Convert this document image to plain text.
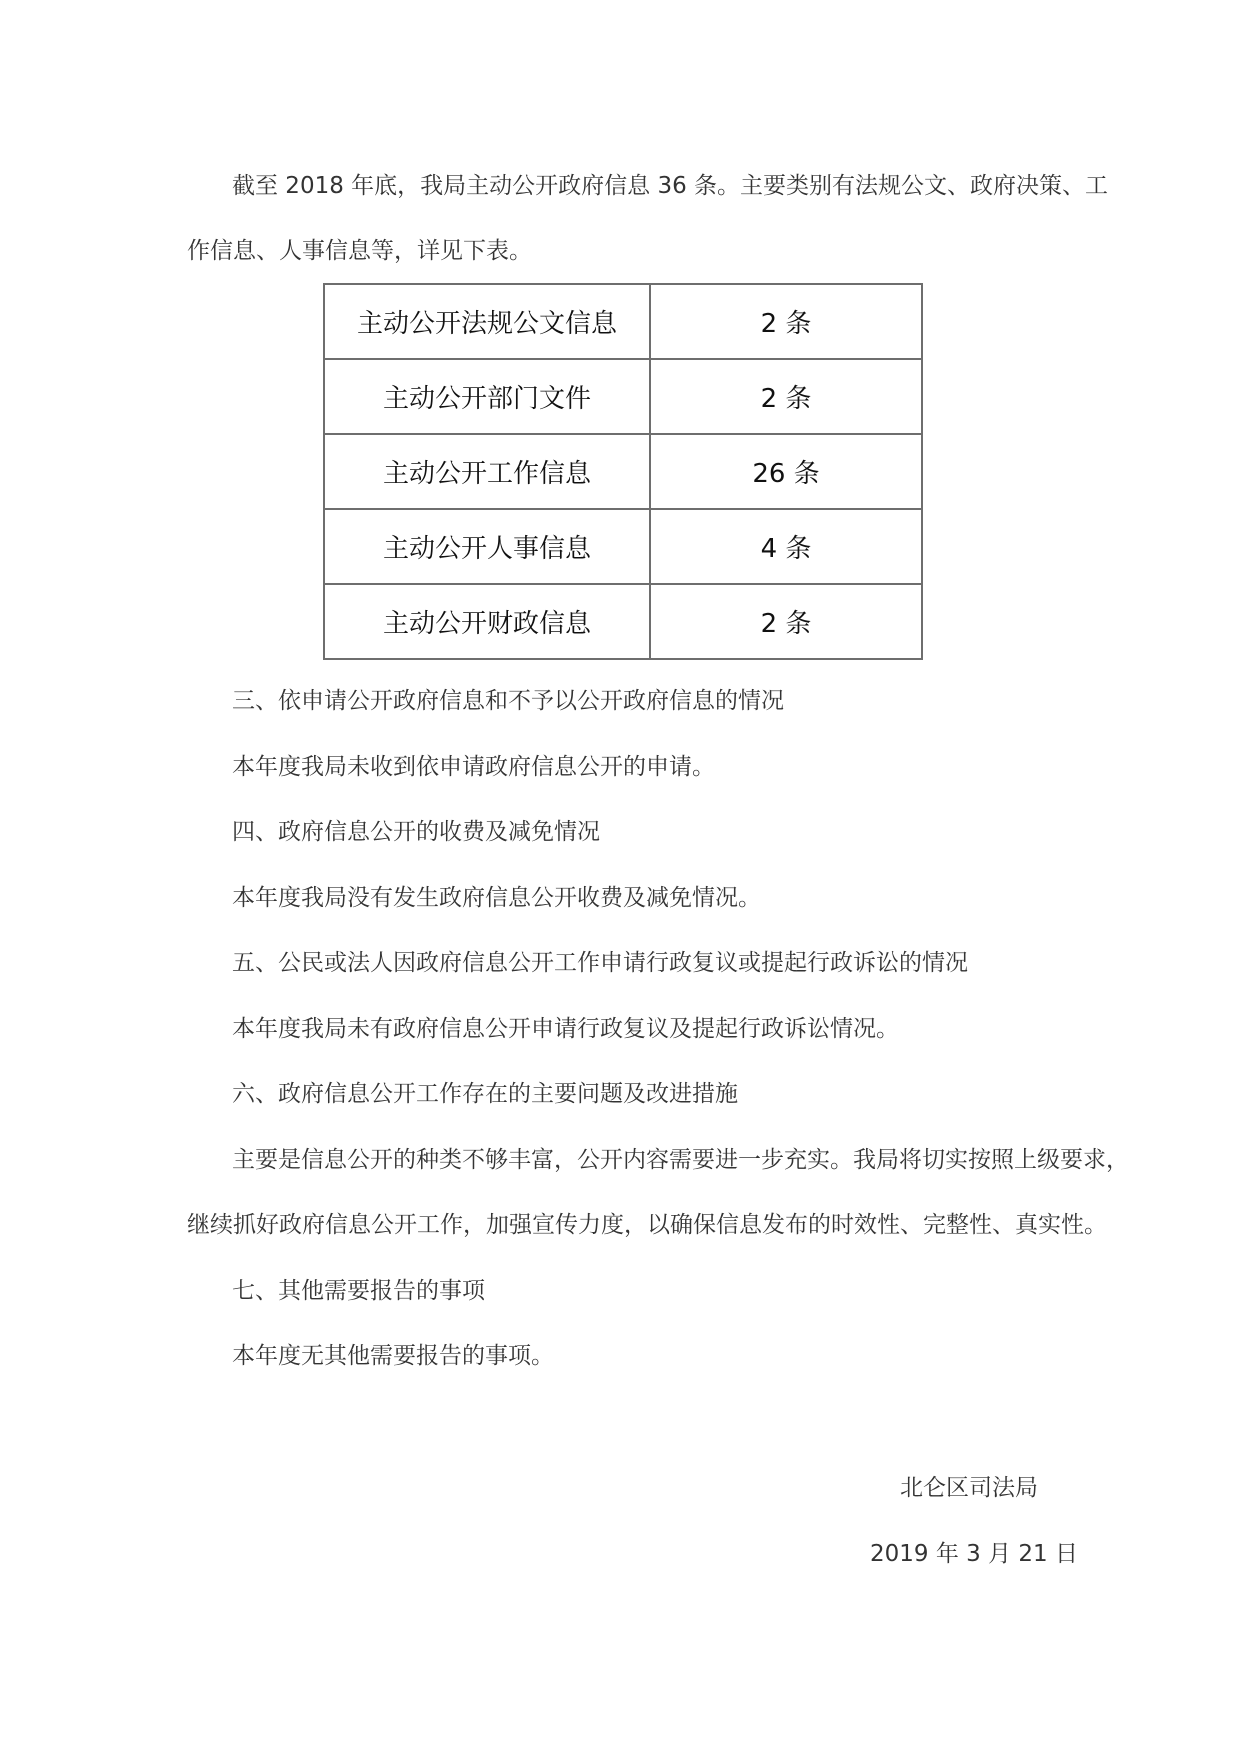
截至 2018 年底，我局主动公开政府信息 36 条。主要类别有法规公文、政府决策、工
作信息、人事信息等，详见下表。
主动公开法规公文信息	2 条
主动公开部门文件	2 条
主动公开工作信息	26 条
主动公开人事信息	4 条
主动公开财政信息	2 条
三、依申请公开政府信息和不予以公开政府信息的情况
本年度我局未收到依申请政府信息公开的申请。
四、政府信息公开的收费及减免情况
本年度我局没有发生政府信息公开收费及减免情况。
五、公民或法人因政府信息公开工作申请行政复议或提起行政诉讼的情况
本年度我局未有政府信息公开申请行政复议及提起行政诉讼情况。
六、政府信息公开工作存在的主要问题及改进措施
主要是信息公开的种类不够丰富，公开内容需要进一步充实。我局将切实按照上级要求，
继续抓好政府信息公开工作，加强宣传力度，以确保信息发布的时效性、完整性、真实性。
七、其他需要报告的事项
本年度无其他需要报告的事项。
北仑区司法局
2019 年 3 月 21 日
